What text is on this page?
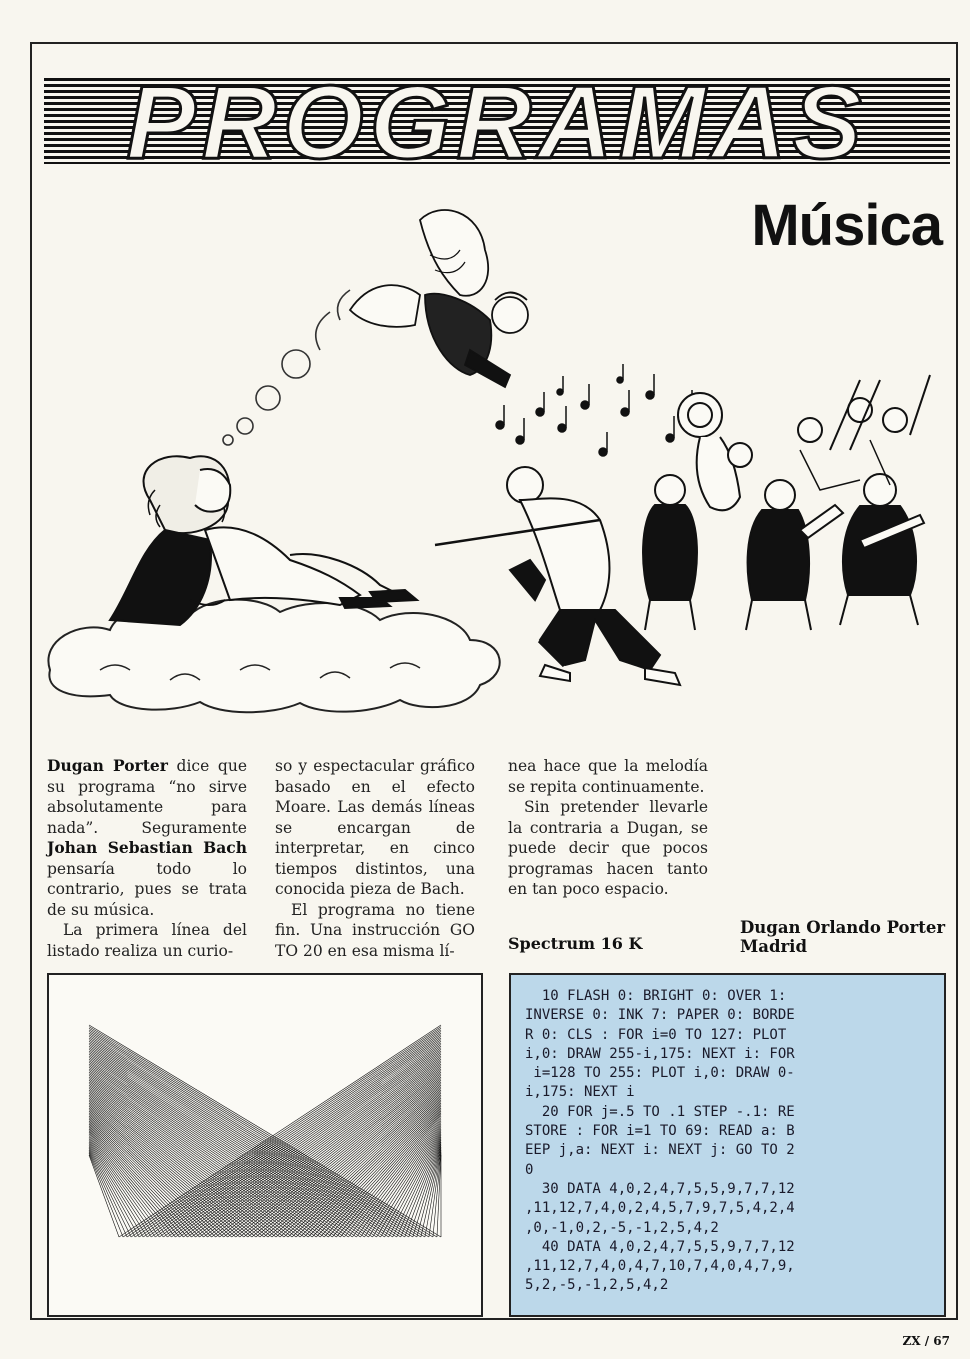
PROGRAMAS
Música

Dugan Porter dice que su programa “no sirve absolutamente para nada”. Seguramente Johan Sebastian Bach pensaría todo lo contrario, pues se trata de su música.

La primera línea del listado realiza un curio-

so y espectacular gráfico basado en el efecto Moare. Las demás líneas se encargan de interpretar, en cinco tiempos distintos, una conocida pieza de Bach.

El programa no tiene fin. Una instrucción GO TO 20 en esa misma lí-

nea hace que la melodía se repita continuamente.

Sin pretender llevarle la contraria a Dugan, se puede decir que pocos programas hacen tanto en tan poco espacio.

Spectrum 16 K
Dugan Orlando Porter
Madrid
10 FLASH 0: BRIGHT 0: OVER 1:
INVERSE 0: INK 7: PAPER 0: BORDE
R 0: CLS : FOR i=0 TO 127: PLOT
i,0: DRAW 255-i,175: NEXT i: FOR
i=128 TO 255: PLOT i,0: DRAW 0-
i,175: NEXT i
20 FOR j=.5 TO .1 STEP -.1: RE
STORE : FOR i=1 TO 69: READ a: B
EEP j,a: NEXT i: NEXT j: GO TO 2
0
30 DATA 4,0,2,4,7,5,5,9,7,7,12
,11,12,7,4,0,2,4,5,7,9,7,5,4,2,4
,0,-1,0,2,-5,-1,2,5,4,2
40 DATA 4,0,2,4,7,5,5,9,7,7,12
,11,12,7,4,0,4,7,10,7,4,0,4,7,9,
5,2,-5,-1,2,5,4,2
ZX / 67
